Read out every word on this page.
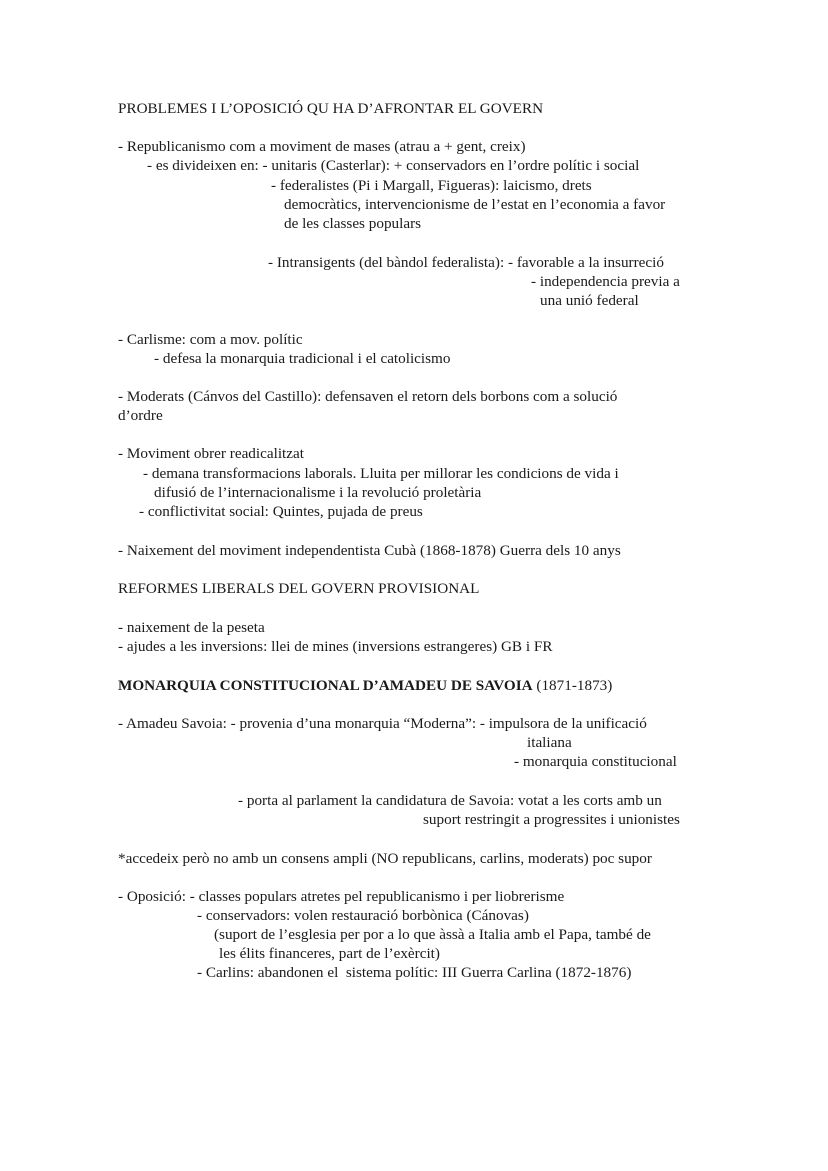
PROBLEMES I L’OPOSICIÓ QU HA D’AFRONTAR EL GOVERN
- Republicanismo com a moviment de mases (atrau a + gent, creix)
- es divideixen en: - unitaris (Casterlar): + conservadors en l’ordre polític i social
- federalistes (Pi i Margall, Figueras): laicismo, drets
democràtics, intervencionisme de l’estat en l’economia a favor
de les classes populars
- Intransigents (del bàndol federalista): - favorable a la insurreció
- independencia previa a
una unió federal
- Carlisme: com a mov. polític
- defesa la monarquia tradicional i el catolicismo
- Moderats (Cánvos del Castillo): defensaven el retorn dels borbons com a solució
d’ordre
- Moviment obrer readicalitzat
- demana transformacions laborals. Lluita per millorar les condicions de vida i
difusió de l’internacionalisme i la revolució proletària
- conflictivitat social: Quintes, pujada de preus
- Naixement del moviment independentista Cubà (1868-1878) Guerra dels 10 anys
REFORMES LIBERALS DEL GOVERN PROVISIONAL
- naixement de la peseta
- ajudes a les inversions: llei de mines (inversions estrangeres) GB i FR
MONARQUIA CONSTITUCIONAL D’AMADEU DE SAVOIA (1871-1873)
- Amadeu Savoia: - provenia d’una monarquia “Moderna”: - impulsora de la unificació
italiana
- monarquia constitucional
- porta al parlament la candidatura de Savoia: votat a les corts amb un
suport restringit a progressites i unionistes
*accedeix però no amb un consens ampli (NO republicans, carlins, moderats) poc supor
- Oposició: - classes populars atretes pel republicanismo i per liobrerisme
- conservadors: volen restauració borbònica (Cánovas)
(suport de l’esglesia per por a lo que àssà a Italia amb el Papa, també de
les élits financeres, part de l’exèrcit)
- Carlins: abandonen el  sistema polític: III Guerra Carlina (1872-1876)
